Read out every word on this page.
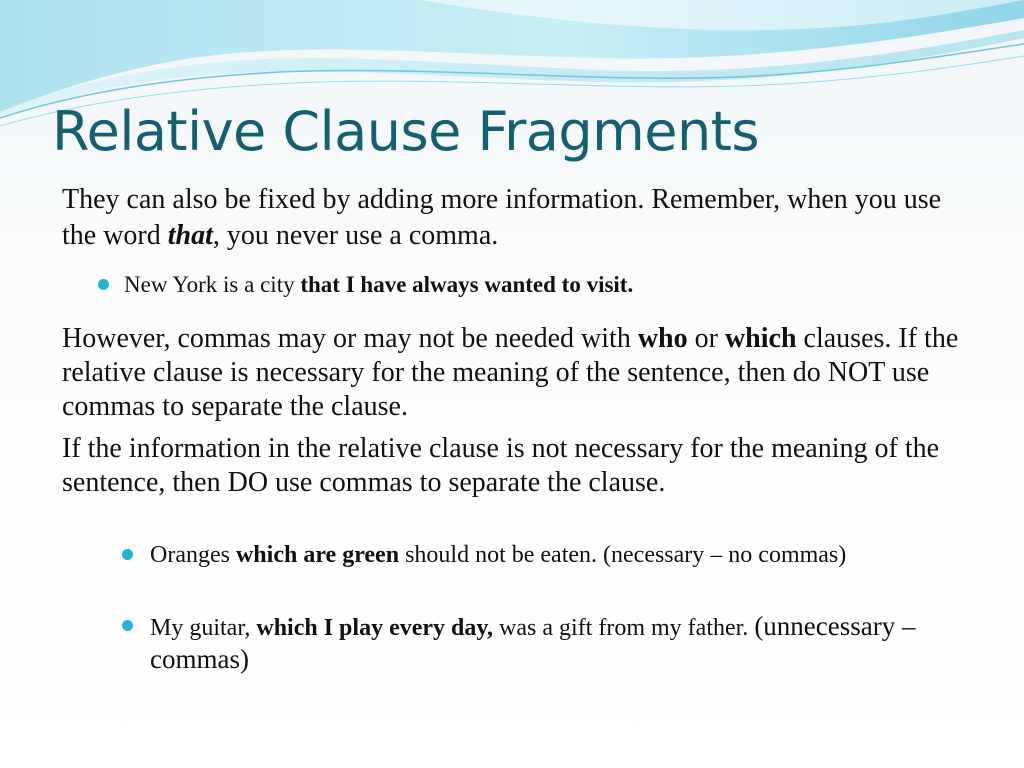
Relative Clause Fragments

They can also be fixed by adding more information. Remember, when you use the word that, you never use a comma.

New York is a city that I have always wanted to visit.

However, commas may or may not be needed with who or which clauses. If the relative clause is necessary for the meaning of the sentence, then do NOT use commas to separate the clause.

If the information in the relative clause is not necessary for the meaning of the sentence, then DO use commas to separate the clause.

Oranges which are green should not be eaten. (necessary – no commas)
My guitar, which I play every day, was a gift from my father. (unnecessary – commas)
